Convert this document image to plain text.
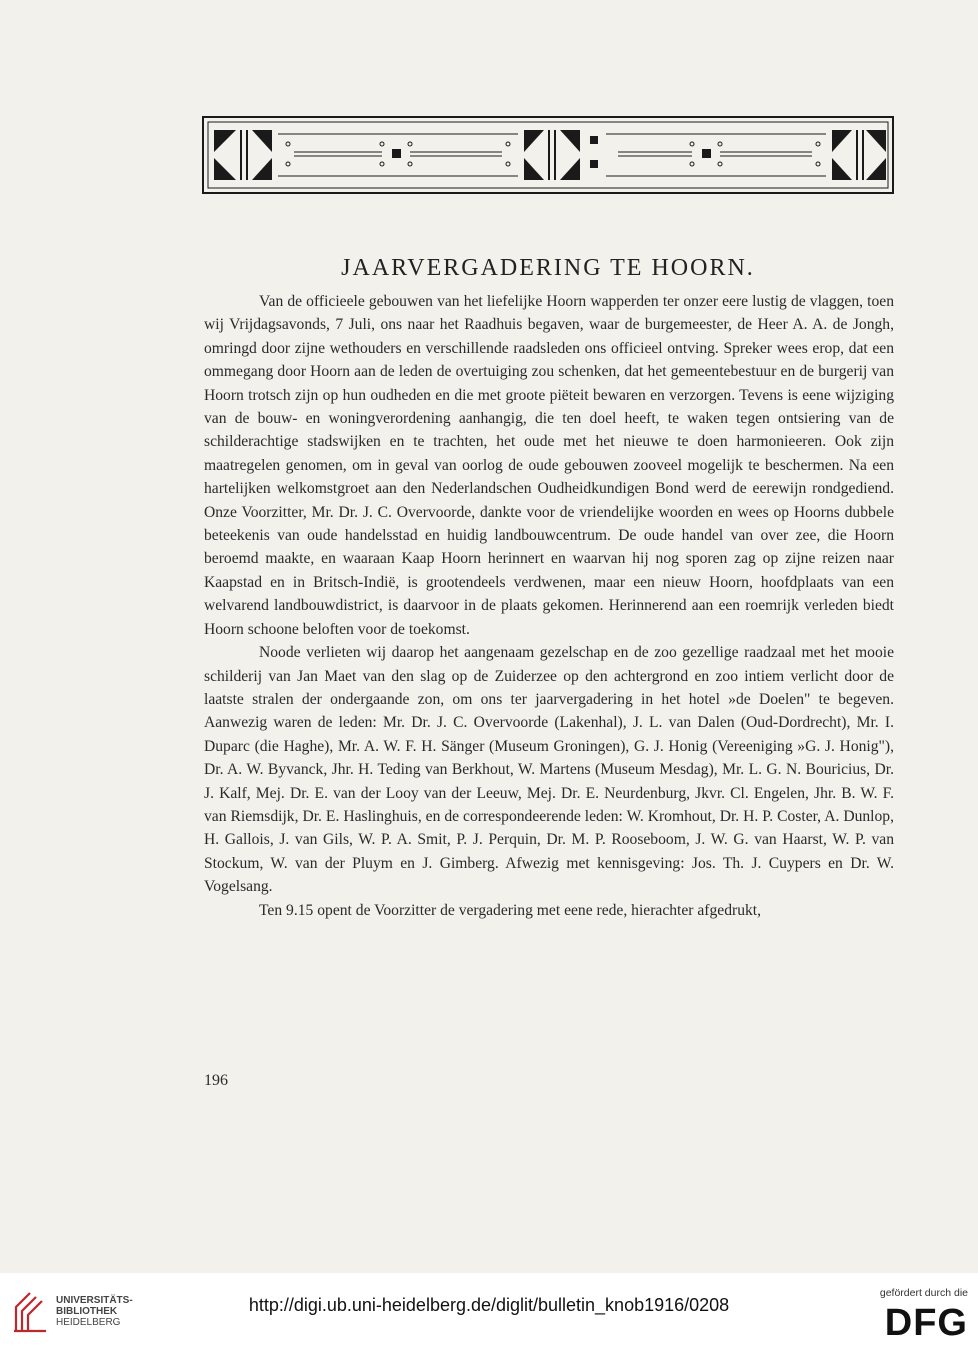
JAARVERGADERING TE HOORN.

Van de officieele gebouwen van het liefelijke Hoorn wapperden ter onzer eere lustig de vlaggen, toen wij Vrijdagsavonds, 7 Juli, ons naar het Raadhuis begaven, waar de burgemeester, de Heer A. A. de Jongh, omringd door zijne wethouders en verschillende raadsleden ons officieel ontving. Spreker wees erop, dat een ommegang door Hoorn aan de leden de overtuiging zou schenken, dat het gemeentebestuur en de burgerij van Hoorn trotsch zijn op hun oudheden en die met groote piëteit bewaren en verzorgen. Tevens is eene wijziging van de bouw- en woningverordening aanhangig, die ten doel heeft, te waken tegen ontsiering van de schilderachtige stadswijken en te trachten, het oude met het nieuwe te doen harmonieeren. Ook zijn maatregelen genomen, om in geval van oorlog de oude gebouwen zooveel mogelijk te beschermen. Na een hartelijken welkomstgroet aan den Nederlandschen Oudheidkundigen Bond werd de eerewijn rondgediend. Onze Voorzitter, Mr. Dr. J. C. Overvoorde, dankte voor de vriendelijke woorden en wees op Hoorns dubbele beteekenis van oude handelsstad en huidig landbouwcentrum. De oude handel van over zee, die Hoorn beroemd maakte, en waaraan Kaap Hoorn herinnert en waarvan hij nog sporen zag op zijne reizen naar Kaapstad en in Britsch-Indië, is grootendeels verdwenen, maar een nieuw Hoorn, hoofdplaats van een welvarend landbouwdistrict, is daarvoor in de plaats gekomen. Herinnerend aan een roemrijk verleden biedt Hoorn schoone beloften voor de toekomst.

Noode verlieten wij daarop het aangenaam gezelschap en de zoo gezellige raadzaal met het mooie schilderij van Jan Maet van den slag op de Zuiderzee op den achtergrond en zoo intiem verlicht door de laatste stralen der ondergaande zon, om ons ter jaarvergadering in het hotel »de Doelen" te begeven. Aanwezig waren de leden: Mr. Dr. J. C. Overvoorde (Lakenhal), J. L. van Dalen (Oud-Dordrecht), Mr. I. Duparc (die Haghe), Mr. A. W. F. H. Sänger (Museum Groningen), G. J. Honig (Vereeniging »G. J. Honig"), Dr. A. W. Byvanck, Jhr. H. Teding van Berkhout, W. Martens (Museum Mesdag), Mr. L. G. N. Bouricius, Dr. J. Kalf, Mej. Dr. E. van der Looy van der Leeuw, Mej. Dr. E. Neurdenburg, Jkvr. Cl. Engelen, Jhr. B. W. F. van Riemsdijk, Dr. E. Haslinghuis, en de correspondeerende leden: W. Kromhout, Dr. H. P. Coster, A. Dunlop, H. Gallois, J. van Gils, W. P. A. Smit, P. J. Perquin, Dr. M. P. Rooseboom, J. W. G. van Haarst, W. P. van Stockum, W. van der Pluym en J. Gimberg. Afwezig met kennisgeving: Jos. Th. J. Cuypers en Dr. W. Vogelsang.

Ten 9.15 opent de Voorzitter de vergadering met eene rede, hierachter afgedrukt,

196
UNIVERSITÄTS-
BIBLIOTHEK
HEIDELBERG
http://digi.ub.uni-heidelberg.de/diglit/bulletin_knob1916/0208
gefördert durch die
DFG
